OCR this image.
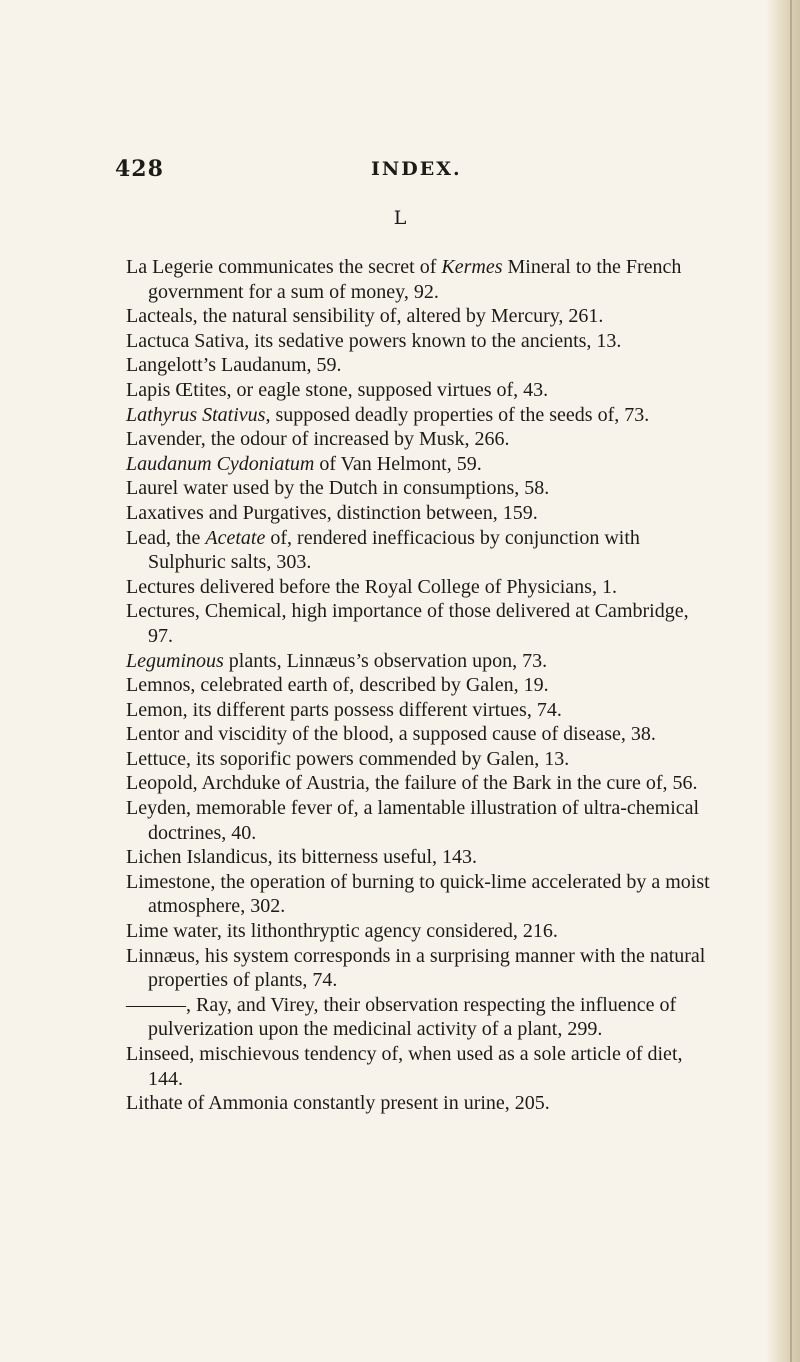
428	INDEX.
L

La Legerie communicates the secret of Kermes Mineral to the French government for a sum of money, 92.

Lacteals, the natural sensibility of, altered by Mercury, 261.

Lactuca Sativa, its sedative powers known to the ancients, 13.

Langelott’s Laudanum, 59.

Lapis Œtites, or eagle stone, supposed virtues of, 43.

Lathyrus Stativus, supposed deadly properties of the seeds of, 73.

Lavender, the odour of increased by Musk, 266.

Laudanum Cydoniatum of Van Helmont, 59.

Laurel water used by the Dutch in consumptions, 58.

Laxatives and Purgatives, distinction between, 159.

Lead, the Acetate of, rendered inefficacious by conjunction with Sulphuric salts, 303.

Lectures delivered before the Royal College of Physicians, 1.

Lectures, Chemical, high importance of those delivered at Cambridge, 97.

Leguminous plants, Linnæus’s observation upon, 73.

Lemnos, celebrated earth of, described by Galen, 19.

Lemon, its different parts possess different virtues, 74.

Lentor and viscidity of the blood, a supposed cause of disease, 38.

Lettuce, its soporific powers commended by Galen, 13.

Leopold, Archduke of Austria, the failure of the Bark in the cure of, 56.

Leyden, memorable fever of, a lamentable illustration of ultra-chemical doctrines, 40.

Lichen Islandicus, its bitterness useful, 143.

Limestone, the operation of burning to quick-lime accelerated by a moist atmosphere, 302.

Lime water, its lithonthryptic agency considered, 216.

Linnæus, his system corresponds in a surprising manner with the natural properties of plants, 74.

———, Ray, and Virey, their observation respecting the influence of pulverization upon the medicinal activity of a plant, 299.

Linseed, mischievous tendency of, when used as a sole article of diet, 144.

Lithate of Ammonia constantly present in urine, 205.
